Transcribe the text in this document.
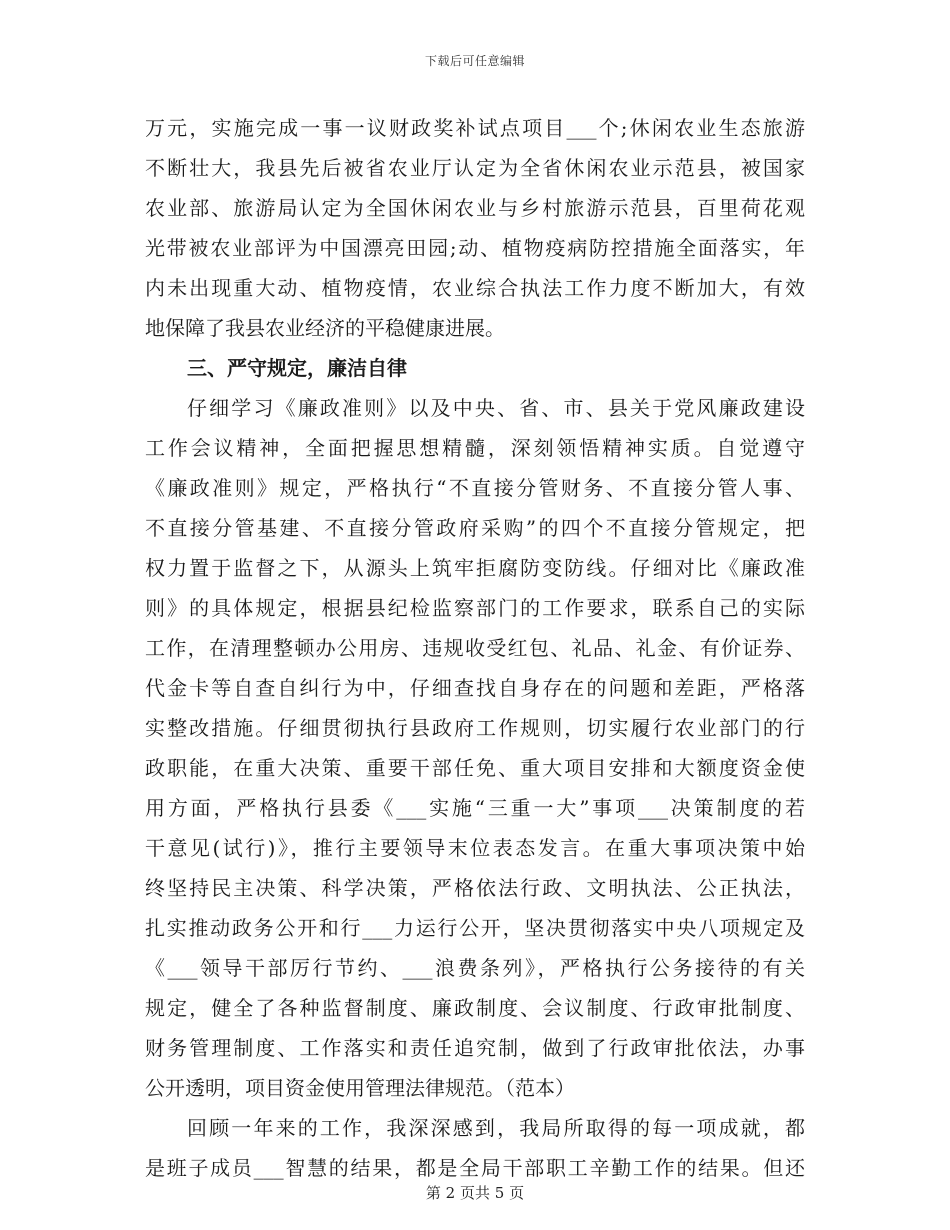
下载后可任意编辑
万元，实施完成一事一议财政奖补试点项目___个;休闲农业生态旅游
不断壮大，我县先后被省农业厅认定为全省休闲农业示范县，被国家
农业部、旅游局认定为全国休闲农业与乡村旅游示范县，百里荷花观
光带被农业部评为中国漂亮田园;动、植物疫病防控措施全面落实，年
内未出现重大动、植物疫情，农业综合执法工作力度不断加大，有效
地保障了我县农业经济的平稳健康进展。
三、严守规定，廉洁自律
仔细学习《廉政准则》以及中央、省、市、县关于党风廉政建设
工作会议精神，全面把握思想精髓，深刻领悟精神实质。自觉遵守
《廉政准则》规定，严格执行“不直接分管财务、不直接分管人事、
不直接分管基建、不直接分管政府采购”的四个不直接分管规定，把
权力置于监督之下，从源头上筑牢拒腐防变防线。仔细对比《廉政准
则》的具体规定，根据县纪检监察部门的工作要求，联系自己的实际
工作，在清理整顿办公用房、违规收受红包、礼品、礼金、有价证券、
代金卡等自查自纠行为中，仔细查找自身存在的问题和差距，严格落
实整改措施。仔细贯彻执行县政府工作规则，切实履行农业部门的行
政职能，在重大决策、重要干部任免、重大项目安排和大额度资金使
用方面，严格执行县委《___实施“三重一大”事项___决策制度的若
干意见(试行)》，推行主要领导末位表态发言。在重大事项决策中始
终坚持民主决策、科学决策，严格依法行政、文明执法、公正执法，
扎实推动政务公开和行___力运行公开，坚决贯彻落实中央八项规定及
《___领导干部厉行节约、___浪费条列》，严格执行公务接待的有关
规定，健全了各种监督制度、廉政制度、会议制度、行政审批制度、
财务管理制度、工作落实和责任追究制，做到了行政审批依法，办事
公开透明，项目资金使用管理法律规范。（范本）
回顾一年来的工作，我深深感到，我局所取得的每一项成就，都
是班子成员___智慧的结果，都是全局干部职工辛勤工作的结果。但还
第 2 页共 5 页
